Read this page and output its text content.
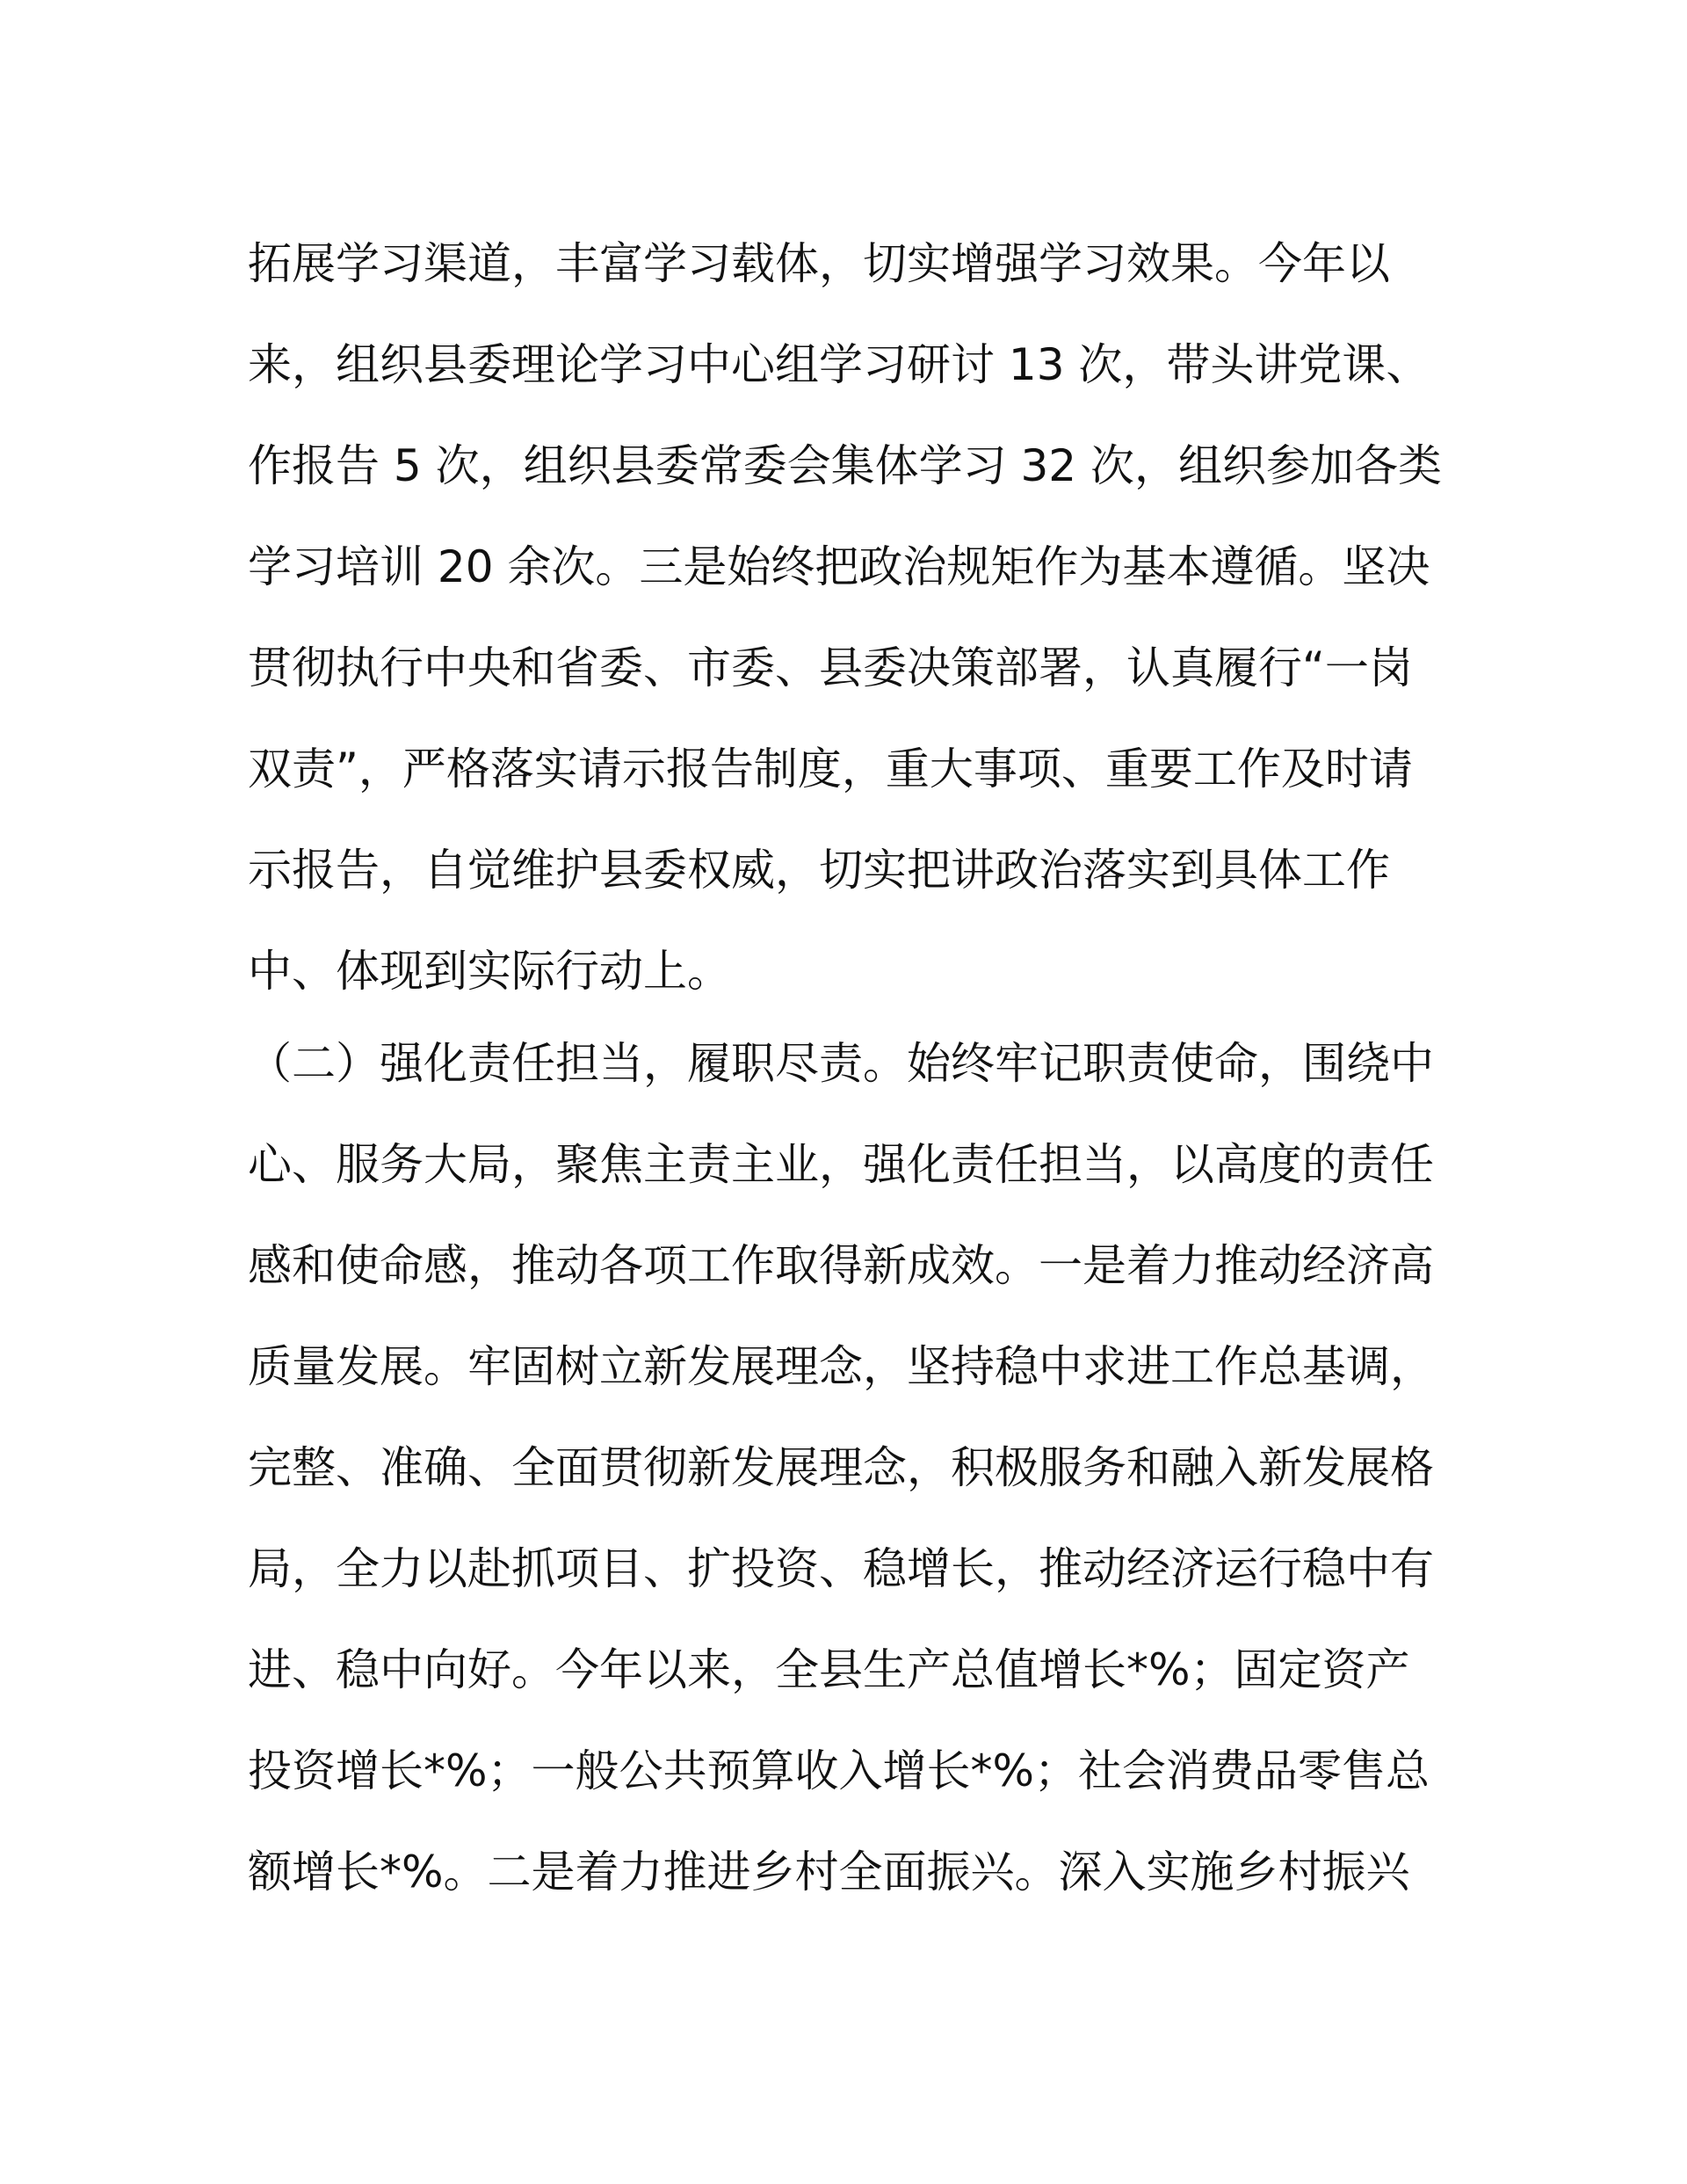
拓展学习渠道，丰富学习载体，切实增强学习效果。今年以
来，组织县委理论学习中心组学习研讨 13 次，带头讲党课、
作报告 5 次，组织县委常委会集体学习 32 次，组织参加各类
学习培训 20 余次。三是始终把政治规矩作为基本遵循。坚决
贯彻执行中央和省委、市委、县委决策部署，认真履行“一岗
双责”，严格落实请示报告制度，重大事项、重要工作及时请
示报告，自觉维护县委权威，切实把讲政治落实到具体工作
中、体现到实际行动上。
（二）强化责任担当，履职尽责。始终牢记职责使命，围绕中
心、服务大局，聚焦主责主业，强化责任担当，以高度的责任
感和使命感，推动各项工作取得新成效。一是着力推动经济高
质量发展。牢固树立新发展理念，坚持稳中求进工作总基调，
完整、准确、全面贯彻新发展理念，积极服务和融入新发展格
局，全力以赴抓项目、扩投资、稳增长，推动经济运行稳中有
进、稳中向好。今年以来，全县生产总值增长*%；固定资产
投资增长*%；一般公共预算收入增长*%；社会消费品零售总
额增长*%。二是着力推进乡村全面振兴。深入实施乡村振兴
